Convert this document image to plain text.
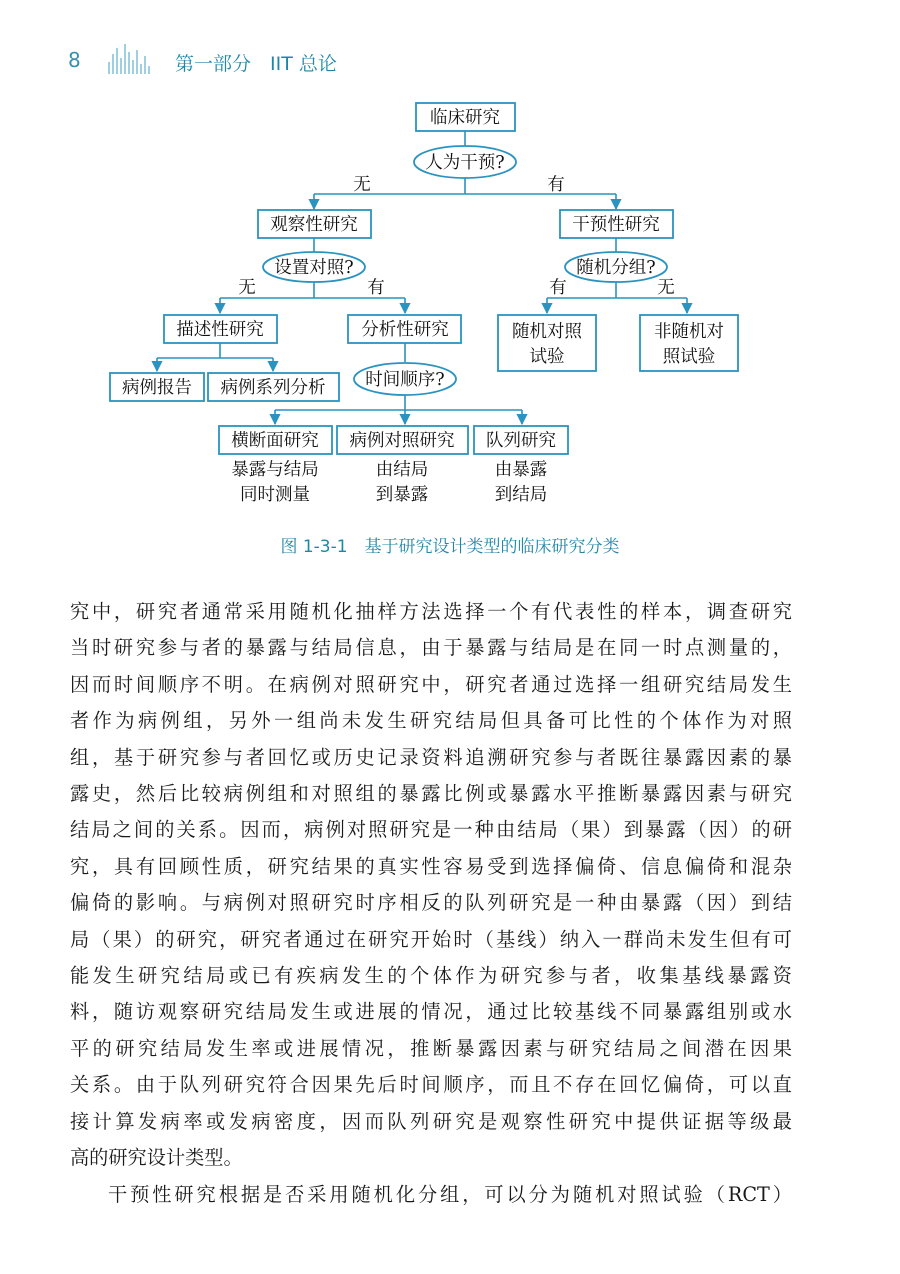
8	第一部分　IIT 总论
临床研究
人为干预?
无	有
观察性研究	干预性研究
设置对照?	随机分组?
无	有	有	无
描述性研究	分析性研究	随机对照
试验
非随机对
照试验
病例报告 病例系列分析 时间顺序?
横断面研究 病例对照研究 队列研究
暴露与结局
同时测量
由结局
到暴露
由暴露
到结局
图 1-3-1　基于研究设计类型的临床研究分类
究中，研究者通常采用随机化抽样方法选择一个有代表性的样本，调查研究
当时研究参与者的暴露与结局信息，由于暴露与结局是在同一时点测量的，
因而时间顺序不明。在病例对照研究中，研究者通过选择一组研究结局发生
者作为病例组，另外一组尚未发生研究结局但具备可比性的个体作为对照
组，基于研究参与者回忆或历史记录资料追溯研究参与者既往暴露因素的暴
露史，然后比较病例组和对照组的暴露比例或暴露水平推断暴露因素与研究
结局之间的关系。因而，病例对照研究是一种由结局（果）到暴露（因）的研
究，具有回顾性质，研究结果的真实性容易受到选择偏倚、信息偏倚和混杂
偏倚的影响。与病例对照研究时序相反的队列研究是一种由暴露（因）到结
局（果）的研究，研究者通过在研究开始时（基线）纳入一群尚未发生但有可
能发生研究结局或已有疾病发生的个体作为研究参与者，收集基线暴露资
料，随访观察研究结局发生或进展的情况，通过比较基线不同暴露组别或水
平的研究结局发生率或进展情况，推断暴露因素与研究结局之间潜在因果
关系。由于队列研究符合因果先后时间顺序，而且不存在回忆偏倚，可以直
接计算发病率或发病密度，因而队列研究是观察性研究中提供证据等级最
高的研究设计类型。
干预性研究根据是否采用随机化分组，可以分为随机对照试验（RCT）
